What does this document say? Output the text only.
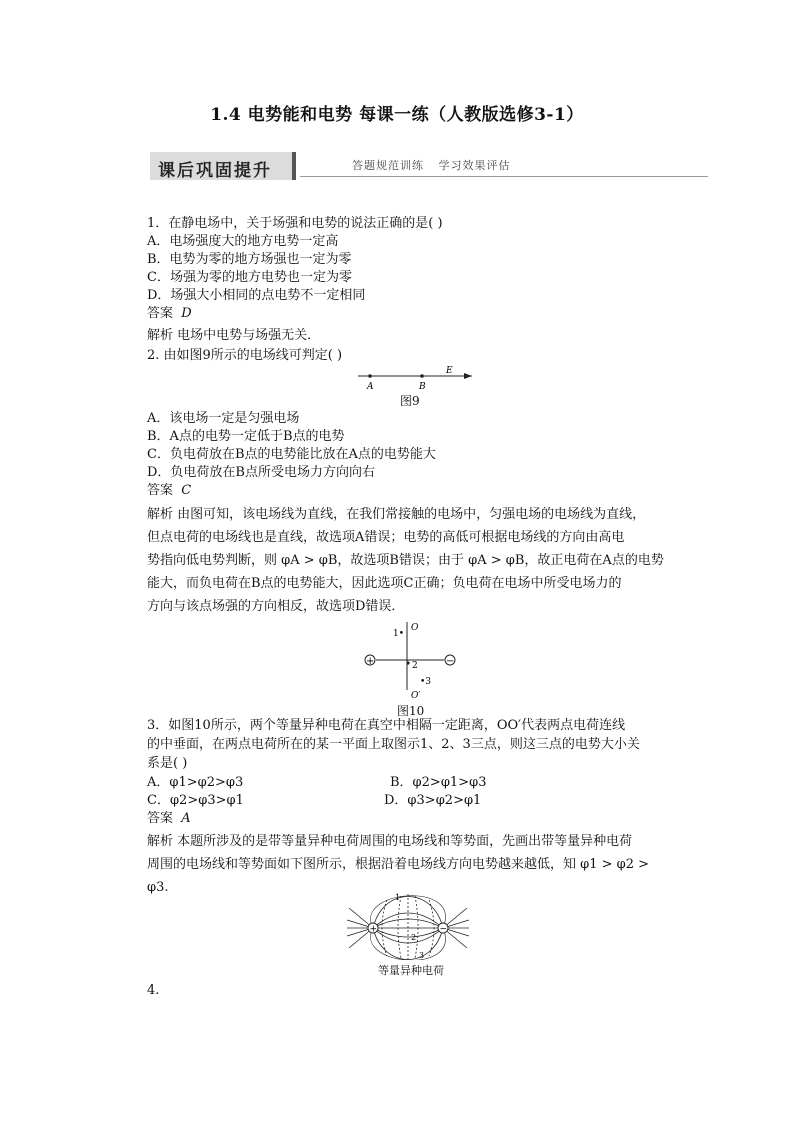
1.4 电势能和电势 每课一练（人教版选修3-1）
课后巩固提升	答题规范训练 学习效果评估
1．在静电场中，关于场强和电势的说法正确的是( )
A．电场强度大的地方电势一定高
B．电势为零的地方场强也一定为零
C．场强为零的地方电势也一定为零
D．场强大小相同的点电势不一定相同
答案 D
解析 电场中电势与场强无关．
2. 由如图9所示的电场线可判定( )
A	B
E
图9
A．该电场一定是匀强电场
B．A点的电势一定低于B点的电势
C．负电荷放在B点的电势能比放在A点的电势能大
D．负电荷放在B点所受电场力方向向右
答案 C
解析 由图可知，该电场线为直线，在我们常接触的电场中，匀强电场的电场线为直线，
但点电荷的电场线也是直线，故选项A错误；电势的高低可根据电场线的方向由高电
势指向低电势判断，则 φA > φB，故选项B错误；由于 φA > φB，故正电荷在A点的电势
能大，而负电荷在B点的电势能大，因此选项C正确；负电荷在电场中所受电场力的
方向与该点场强的方向相反，故选项D错误．
+	−
O
1•
2
•3
O′
图10
3．如图10所示，两个等量异种电荷在真空中相隔一定距离，OO′代表两点电荷连线
的中垂面，在两点电荷所在的某一平面上取图示1、2、3三点，则这三点的电势大小关
系是( )
A．φ1>φ2>φ3	B．φ2>φ1>φ3
C．φ2>φ3>φ1	D．φ3>φ2>φ1
答案 A
解析 本题所涉及的是带等量异种电荷周围的电场线和等势面，先画出带等量异种电荷
周围的电场线和等势面如下图所示，根据沿着电场线方向电势越来越低，知 φ1 > φ2 >
φ3.
+	−
1
2
3
等量异种电荷
4.
